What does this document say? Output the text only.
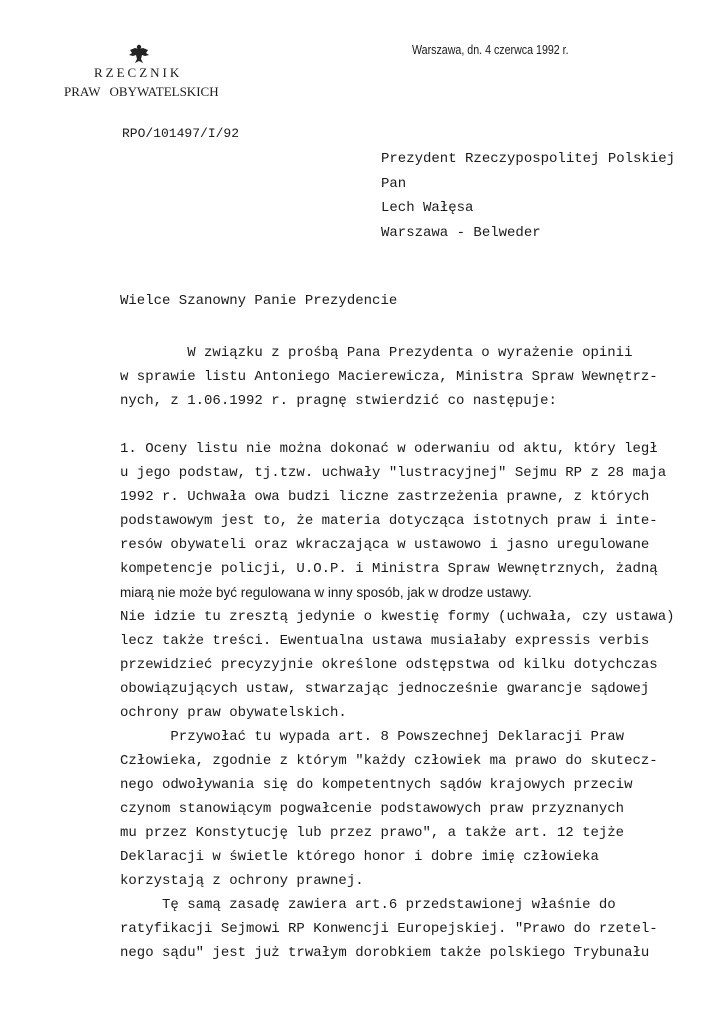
RZECZNIK
PRAW OBYWATELSKICH
Warszawa, dn. 4 czerwca 1992 r.
RPO/101497/I/92
Prezydent Rzeczypospolitej Polskiej
Pan
Lech Wałęsa
Warszawa - Belweder
Wielce Szanowny Panie Prezydencie
W związku z prośbą Pana Prezydenta o wyrażenie opinii
w sprawie listu Antoniego Macierewicza, Ministra Spraw Wewnętrz-
nych, z 1.06.1992 r. pragnę stwierdzić co następuje:
1. Oceny listu nie można dokonać w oderwaniu od aktu, który legł
u jego podstaw, tj.tzw. uchwały "lustracyjnej" Sejmu RP z 28 maja
1992 r. Uchwała owa budzi liczne zastrzeżenia prawne, z których
podstawowym jest to, że materia dotycząca istotnych praw i inte-
resów obywateli oraz wkraczająca w ustawowo i jasno uregulowane
kompetencje policji, U.O.P. i Ministra Spraw Wewnętrznych, żadną
miarą nie może być regulowana w inny sposób, jak w drodze ustawy.
Nie idzie tu zresztą jedynie o kwestię formy (uchwała, czy ustawa)
lecz także treści. Ewentualna ustawa musiałaby expressis verbis
przewidzieć precyzyjnie określone odstępstwa od kilku dotychczas
obowiązujących ustaw, stwarzając jednocześnie gwarancje sądowej
ochrony praw obywatelskich.
Przywołać tu wypada art. 8 Powszechnej Deklaracji Praw
Człowieka, zgodnie z którym "każdy człowiek ma prawo do skutecz-
nego odwoływania się do kompetentnych sądów krajowych przeciw
czynom stanowiącym pogwałcenie podstawowych praw przyznanych
mu przez Konstytucję lub przez prawo", a także art. 12 tejże
Deklaracji w świetle którego honor i dobre imię człowieka
korzystają z ochrony prawnej.
Tę samą zasadę zawiera art.6 przedstawionej właśnie do
ratyfikacji Sejmowi RP Konwencji Europejskiej. "Prawo do rzetel-
nego sądu" jest już trwałym dorobkiem także polskiego Trybunału
